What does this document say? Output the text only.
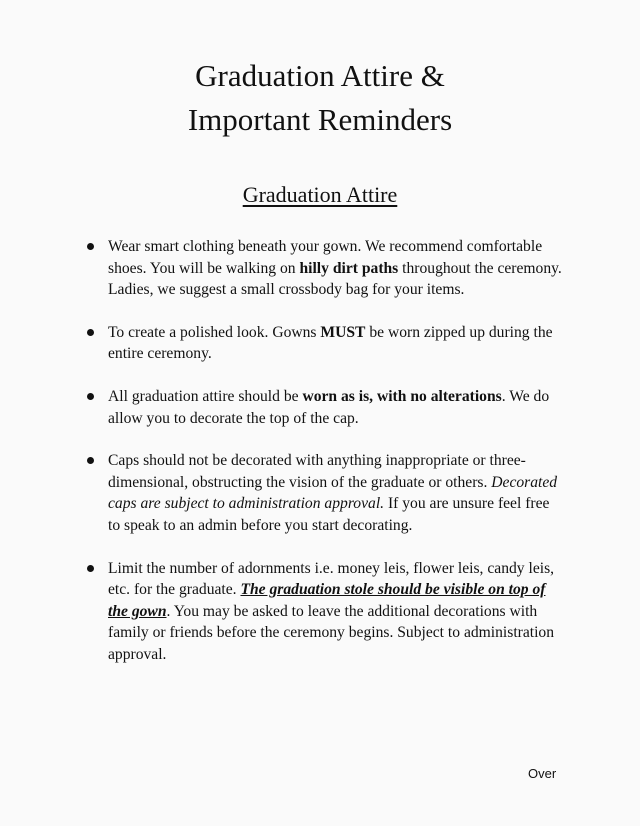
Graduation Attire &
Important Reminders
Graduation Attire
Wear smart clothing beneath your gown. We recommend comfortable shoes. You will be walking on hilly dirt paths throughout the ceremony. Ladies, we suggest a small crossbody bag for your items.
To create a polished look. Gowns MUST be worn zipped up during the entire ceremony.
All graduation attire should be worn as is, with no alterations. We do allow you to decorate the top of the cap.
Caps should not be decorated with anything inappropriate or three-dimensional, obstructing the vision of the graduate or others. Decorated caps are subject to administration approval. If you are unsure feel free to speak to an admin before you start decorating.
Limit the number of adornments i.e. money leis, flower leis, candy leis, etc. for the graduate. The graduation stole should be visible on top of the gown. You may be asked to leave the additional decorations with family or friends before the ceremony begins. Subject to administration approval.
Over
